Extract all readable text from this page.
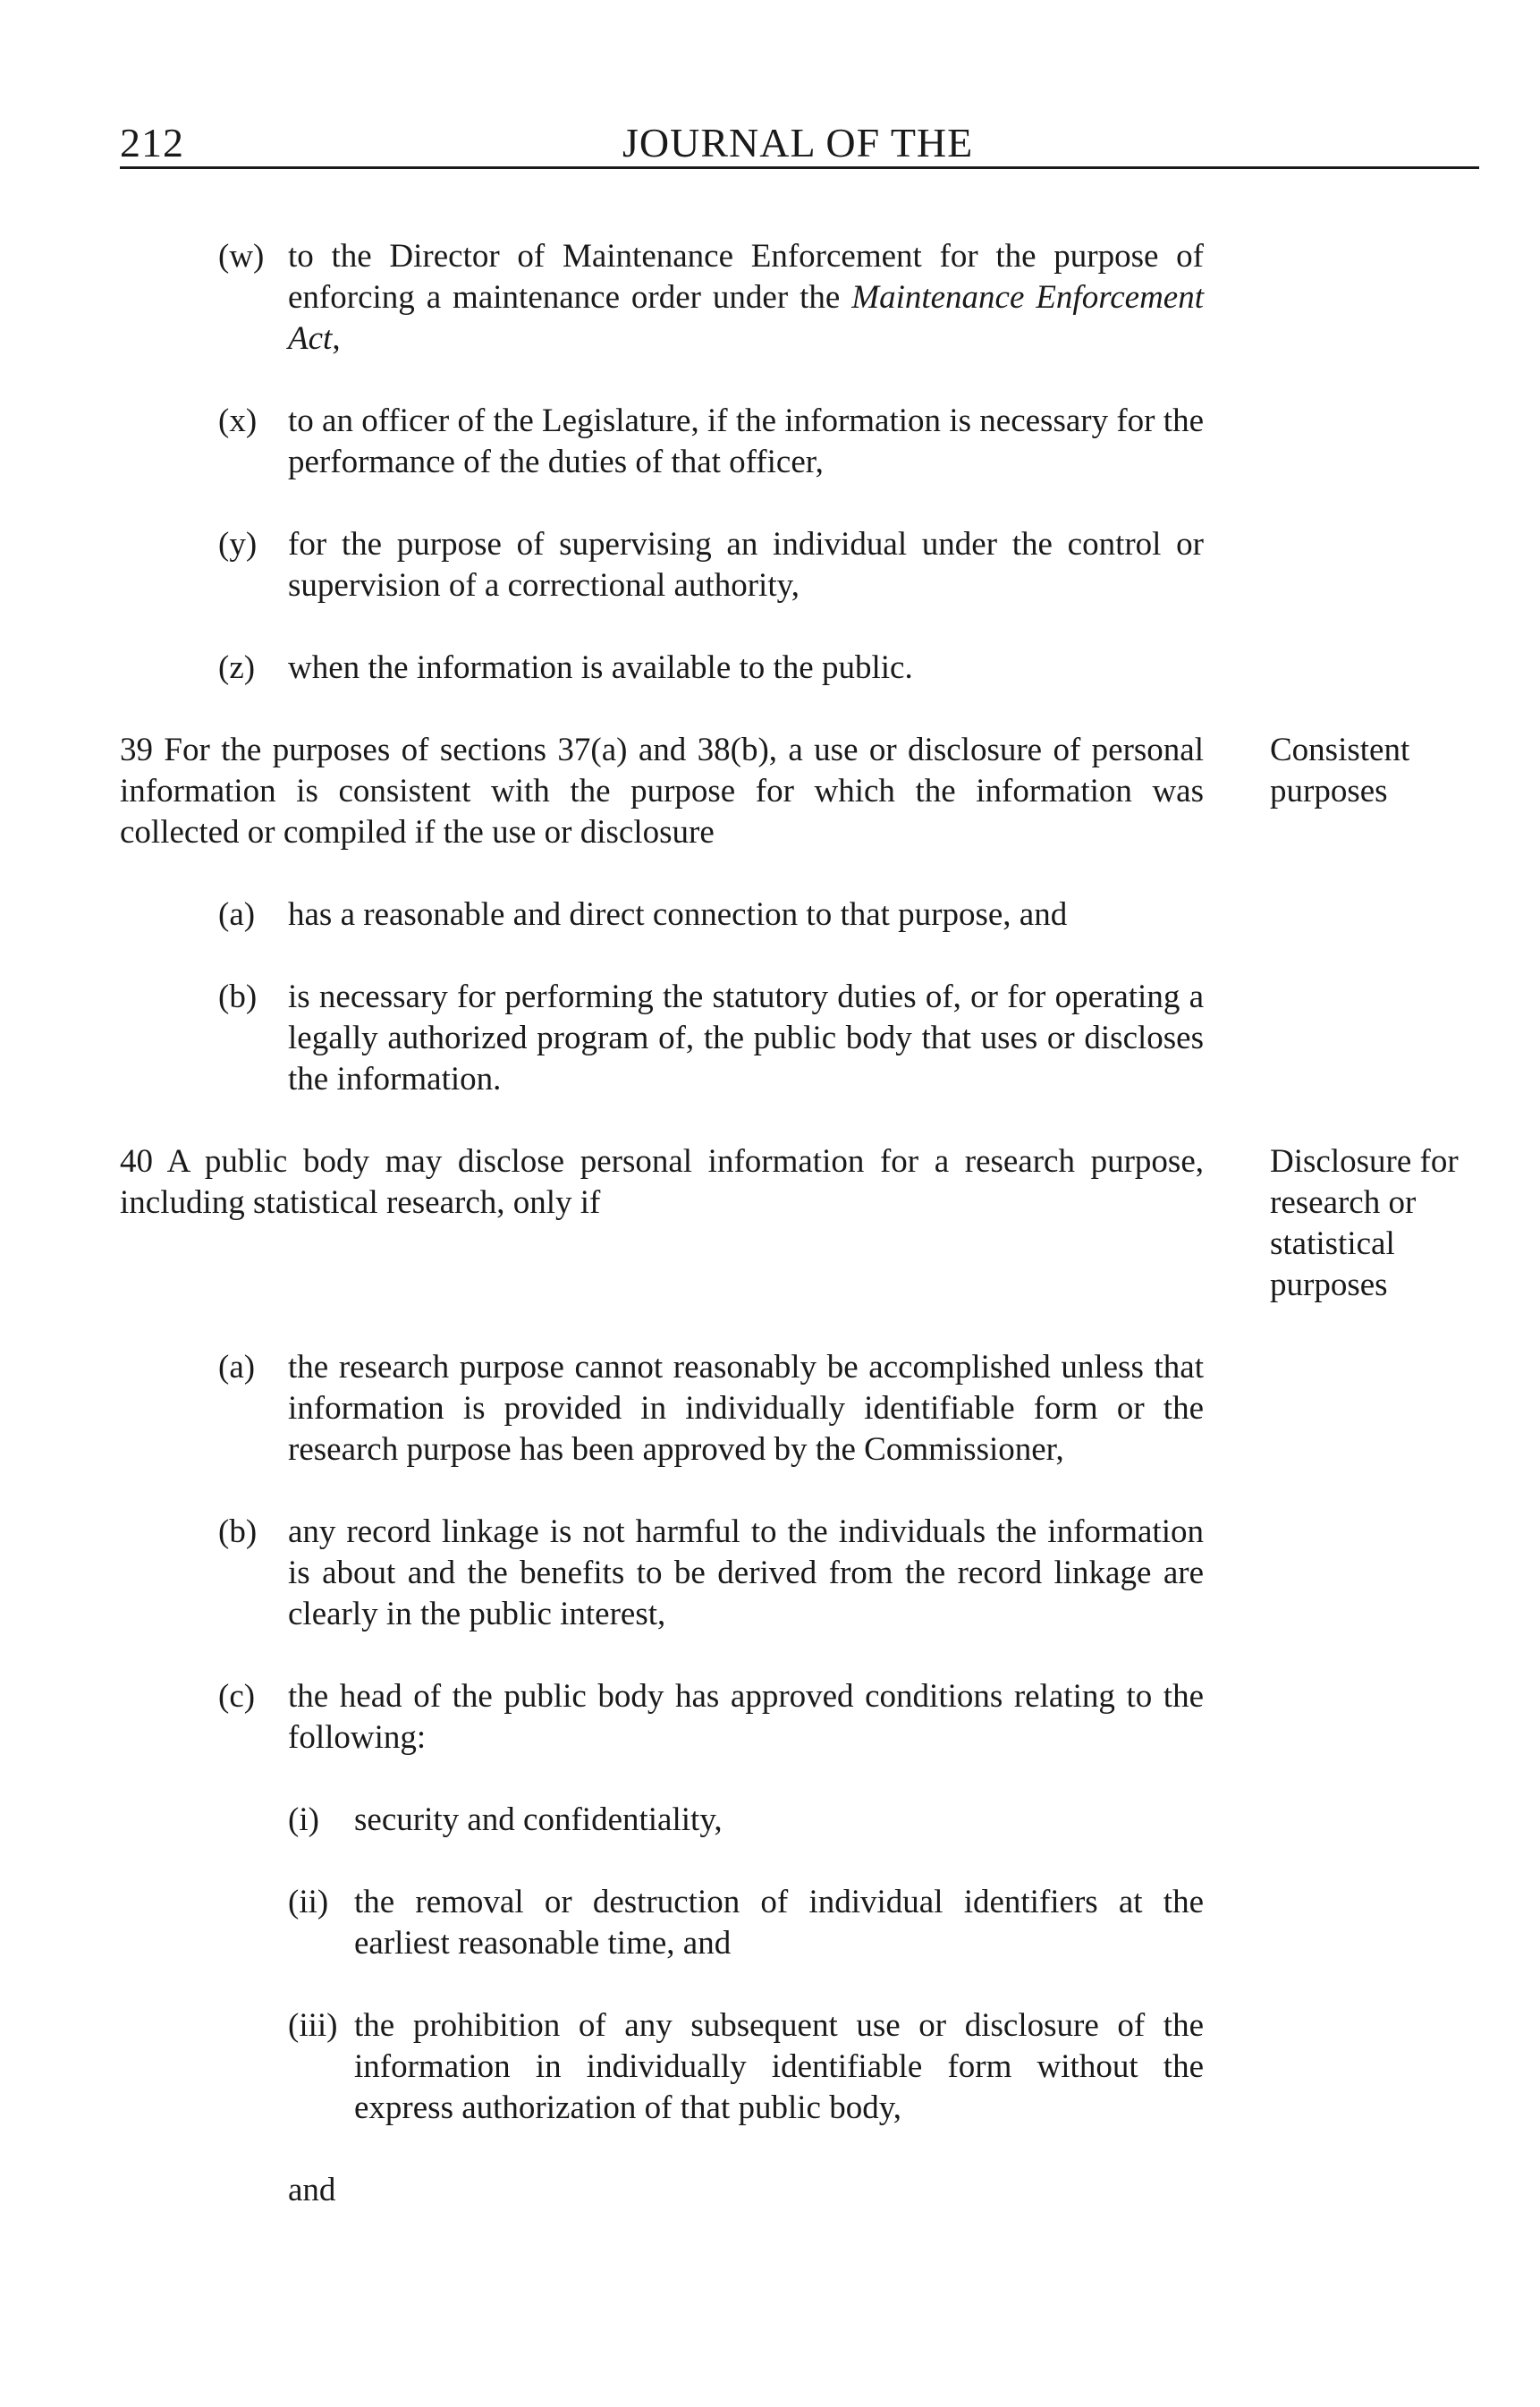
212	JOURNAL OF THE
(w) to the Director of Maintenance Enforcement for the purpose of enforcing a maintenance order under the Maintenance Enforcement Act,
(x) to an officer of the Legislature, if the information is necessary for the performance of the duties of that officer,
(y) for the purpose of supervising an individual under the control or supervision of a correctional authority,
(z) when the information is available to the public.
39 For the purposes of sections 37(a) and 38(b), a use or disclosure of personal information is consistent with the purpose for which the information was collected or compiled if the use or disclosure
Consistent
purposes
(a) has a reasonable and direct connection to that purpose, and
(b) is necessary for performing the statutory duties of, or for operating a legally authorized program of, the public body that uses or discloses the information.
40 A public body may disclose personal information for a research purpose, including statistical research, only if
Disclosure for
research or
statistical
purposes
(a) the research purpose cannot reasonably be accomplished unless that information is provided in individually identifiable form or the research purpose has been approved by the Commissioner,
(b) any record linkage is not harmful to the individuals the information is about and the benefits to be derived from the record linkage are clearly in the public interest,
(c) the head of the public body has approved conditions relating to the following:
(i) security and confidentiality,
(ii) the removal or destruction of individual identifiers at the earliest reasonable time, and
(iii) the prohibition of any subsequent use or disclosure of the information in individually identifiable form without the express authorization of that public body,
and
